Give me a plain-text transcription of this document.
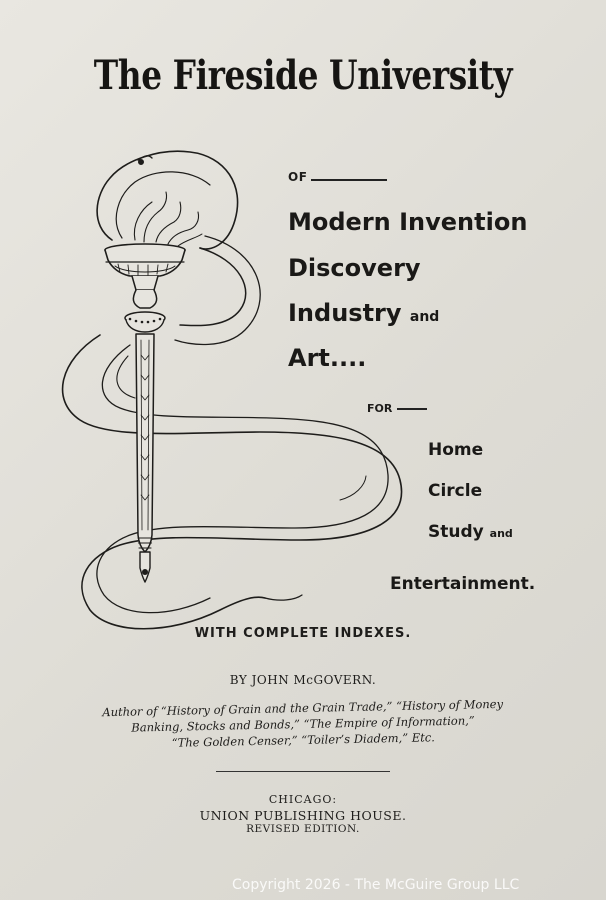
The Fireside University
OF
Modern Invention
Discovery
Industry and
Art....
FOR
Home
Circle
Study and
Entertainment.
WITH COMPLETE INDEXES.
BY JOHN McGOVERN.
Author of “History of Grain and the Grain Trade,” “History of Money
Banking, Stocks and Bonds,” “The Empire of Information,”
“The Golden Censer,” “Toiler’s Diadem,” Etc.
CHICAGO:
UNION PUBLISHING HOUSE.
REVISED EDITION.
Copyright 2026 - The McGuire Group LLC
